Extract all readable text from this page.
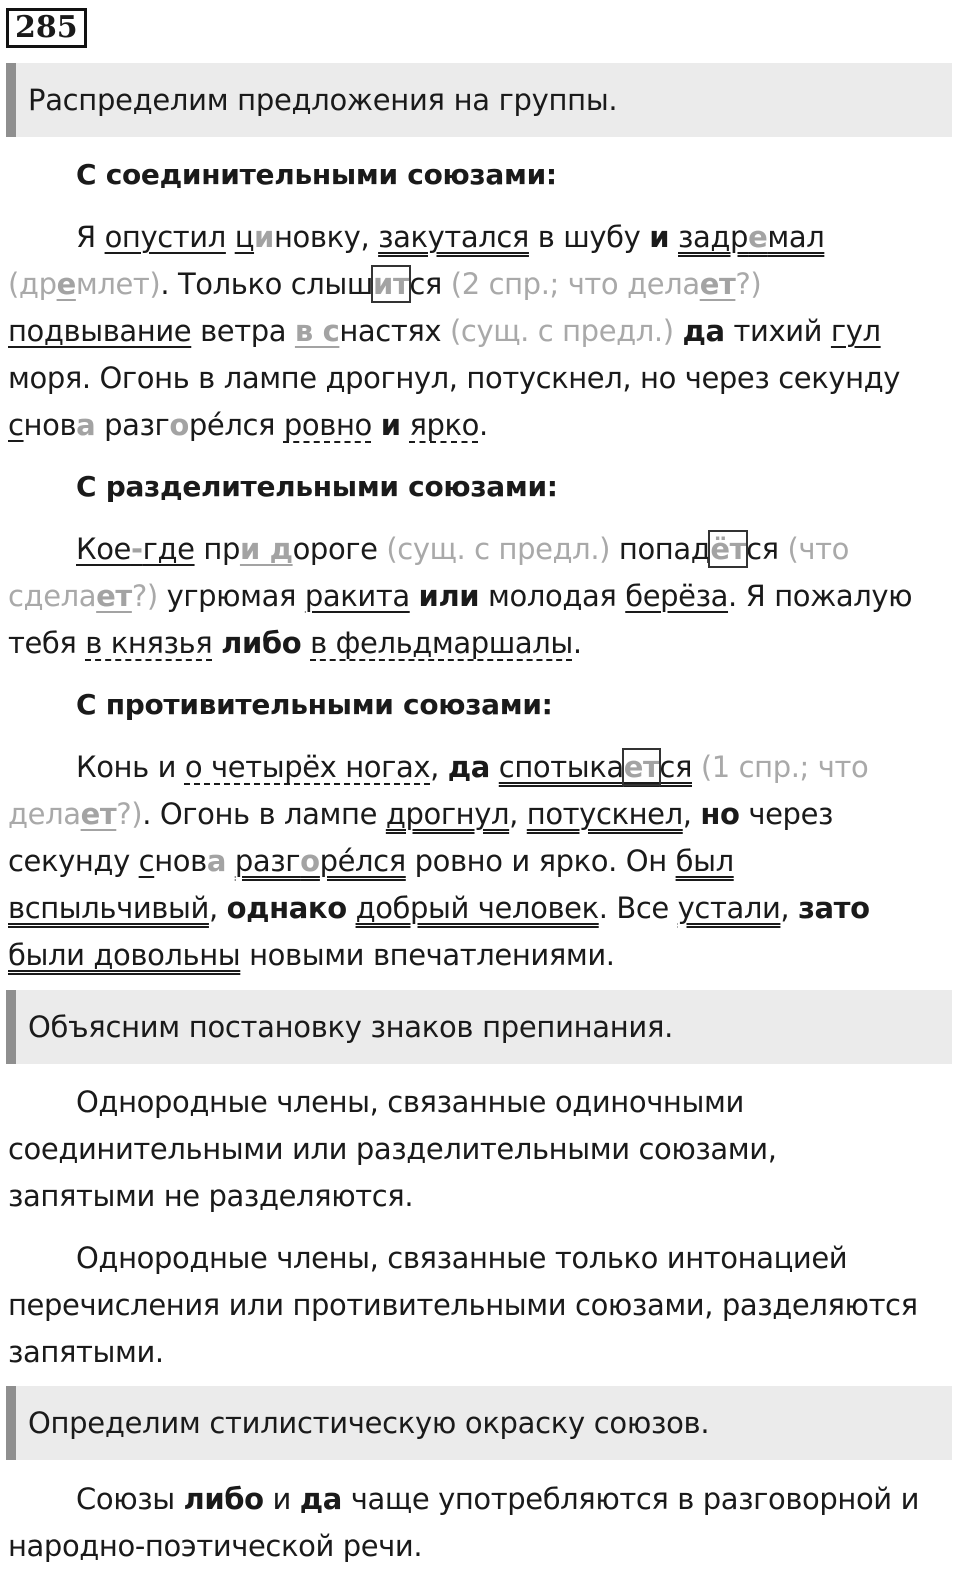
285
Распределим предложения на группы.
С соединительными союзами:
Я опустил циновку, закутался в шубу и задремал
(дремлет). Только слышится (2 спр.; что делает?)
подвывание ветра в снастях (сущ. с предл.) да тихий гул
моря. Огонь в лампе дрогнул, потускнел, но через секунду
снова разгоре́лся ровно и ярко.
С разделительными союзами:
Кое-где при дороге (сущ. с предл.) попадётся (что
сделает?) угрюмая ракита или молодая берёза. Я пожалую
тебя в князья либо в фельдмаршалы.
С противительными союзами:
Конь и о четырёх ногах, да спотыкается (1 спр.; что
делает?). Огонь в лампе дрогнул, потускнел, но через
секунду снова разгоре́лся ровно и ярко. Он был
вспыльчивый, однако добрый человек. Все устали, зато
были довольны новыми впечатлениями.
Объясним постановку знаков препинания.
Однородные члены, связанные одиночными
соединительными или разделительными союзами,
запятыми не разделяются.
Однородные члены, связанные только интонацией
перечисления или противительными союзами, разделяются
запятыми.
Определим стилистическую окраску союзов.
Союзы либо и да чаще употребляются в разговорной и
народно-поэтической речи.
